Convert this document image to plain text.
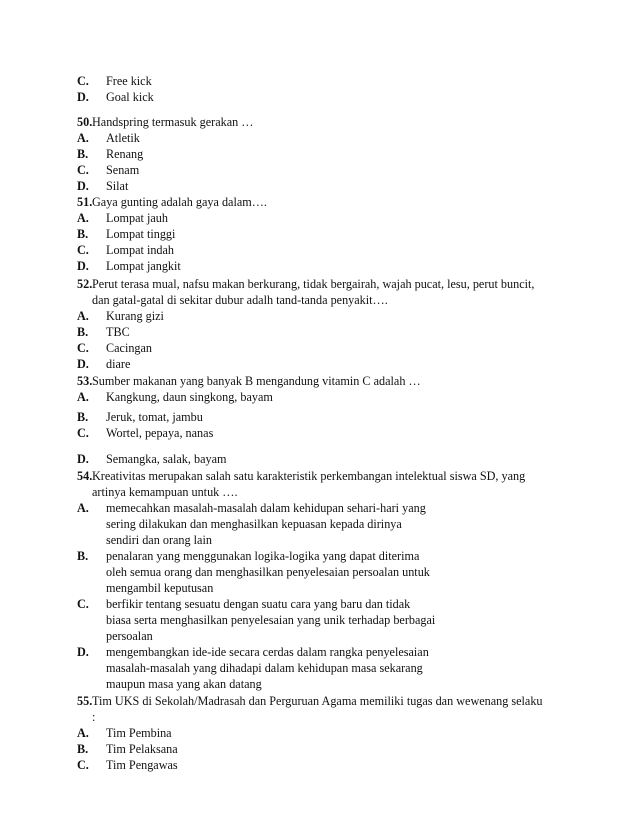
C. Free kick
D. Goal kick
50. Handspring termasuk gerakan …
A. Atletik
B. Renang
C. Senam
D. Silat
51. Gaya gunting adalah gaya dalam….
A. Lompat jauh
B. Lompat tinggi
C. Lompat indah
D. Lompat jangkit
52. Perut terasa mual, nafsu makan berkurang, tidak bergairah, wajah pucat, lesu, perut buncit,
dan gatal-gatal di sekitar dubur adalh tand-tanda penyakit….
A. Kurang gizi
B. TBC
C. Cacingan
D. diare
53. Sumber makanan yang banyak B mengandung vitamin C adalah …
A. Kangkung, daun singkong, bayam
B. Jeruk, tomat, jambu
C. Wortel, pepaya, nanas
D. Semangka, salak, bayam
54. Kreativitas merupakan salah satu karakteristik perkembangan intelektual siswa SD, yang
artinya kemampuan untuk ….
A. memecahkan masalah-masalah dalam kehidupan sehari-hari yang
sering dilakukan dan menghasilkan kepuasan kepada dirinya
sendiri dan orang lain
B. penalaran yang menggunakan logika-logika yang dapat diterima
oleh semua orang dan menghasilkan penyelesaian persoalan untuk
mengambil keputusan
C. berfikir tentang sesuatu dengan suatu cara yang baru dan tidak
biasa serta menghasilkan penyelesaian yang unik terhadap berbagai
persoalan
D. mengembangkan ide-ide secara cerdas dalam rangka penyelesaian
masalah-masalah yang dihadapi dalam kehidupan masa sekarang
maupun masa yang akan datang
55. Tim UKS di Sekolah/Madrasah dan Perguruan Agama memiliki tugas dan wewenang selaku
:
A. Tim Pembina
B. Tim Pelaksana
C. Tim Pengawas
